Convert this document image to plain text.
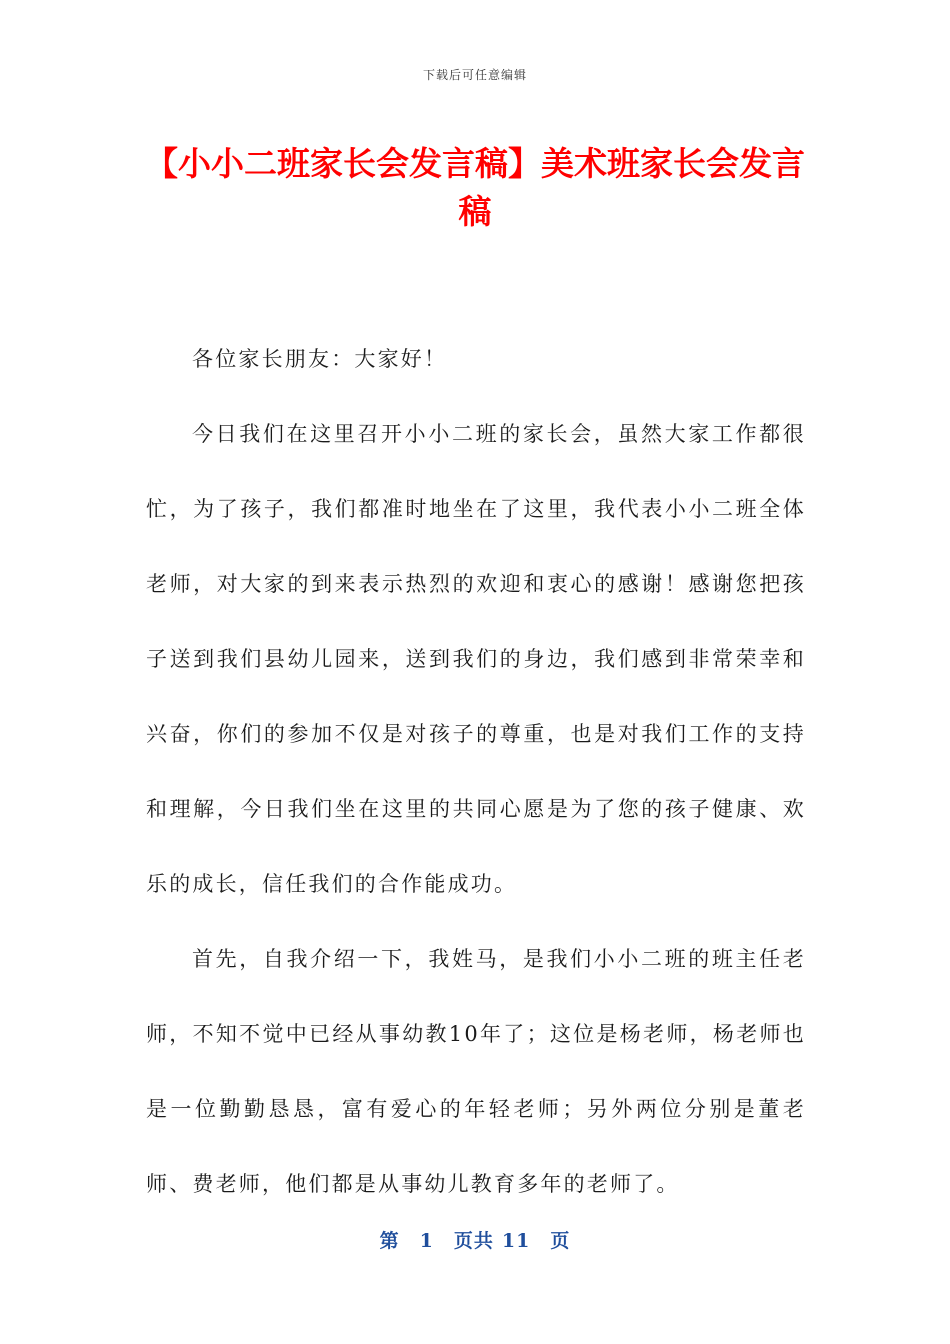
下载后可任意编辑
【小小二班家长会发言稿】美术班家长会发言稿

各位家长朋友：大家好！

今日我们在这里召开小小二班的家长会，虽然大家工作都很忙，为了孩子，我们都准时地坐在了这里，我代表小小二班全体老师，对大家的到来表示热烈的欢迎和衷心的感谢！感谢您把孩子送到我们县幼儿园来，送到我们的身边，我们感到非常荣幸和兴奋，你们的参加不仅是对孩子的尊重，也是对我们工作的支持和理解，今日我们坐在这里的共同心愿是为了您的孩子健康、欢乐的成长，信任我们的合作能成功。

首先，自我介绍一下，我姓马，是我们小小二班的班主任老师，不知不觉中已经从事幼教10年了；这位是杨老师，杨老师也是一位勤勤恳恳，富有爱心的年轻老师；另外两位分别是董老师、费老师，他们都是从事幼儿教育多年的老师了。

第 1 页共 11 页
